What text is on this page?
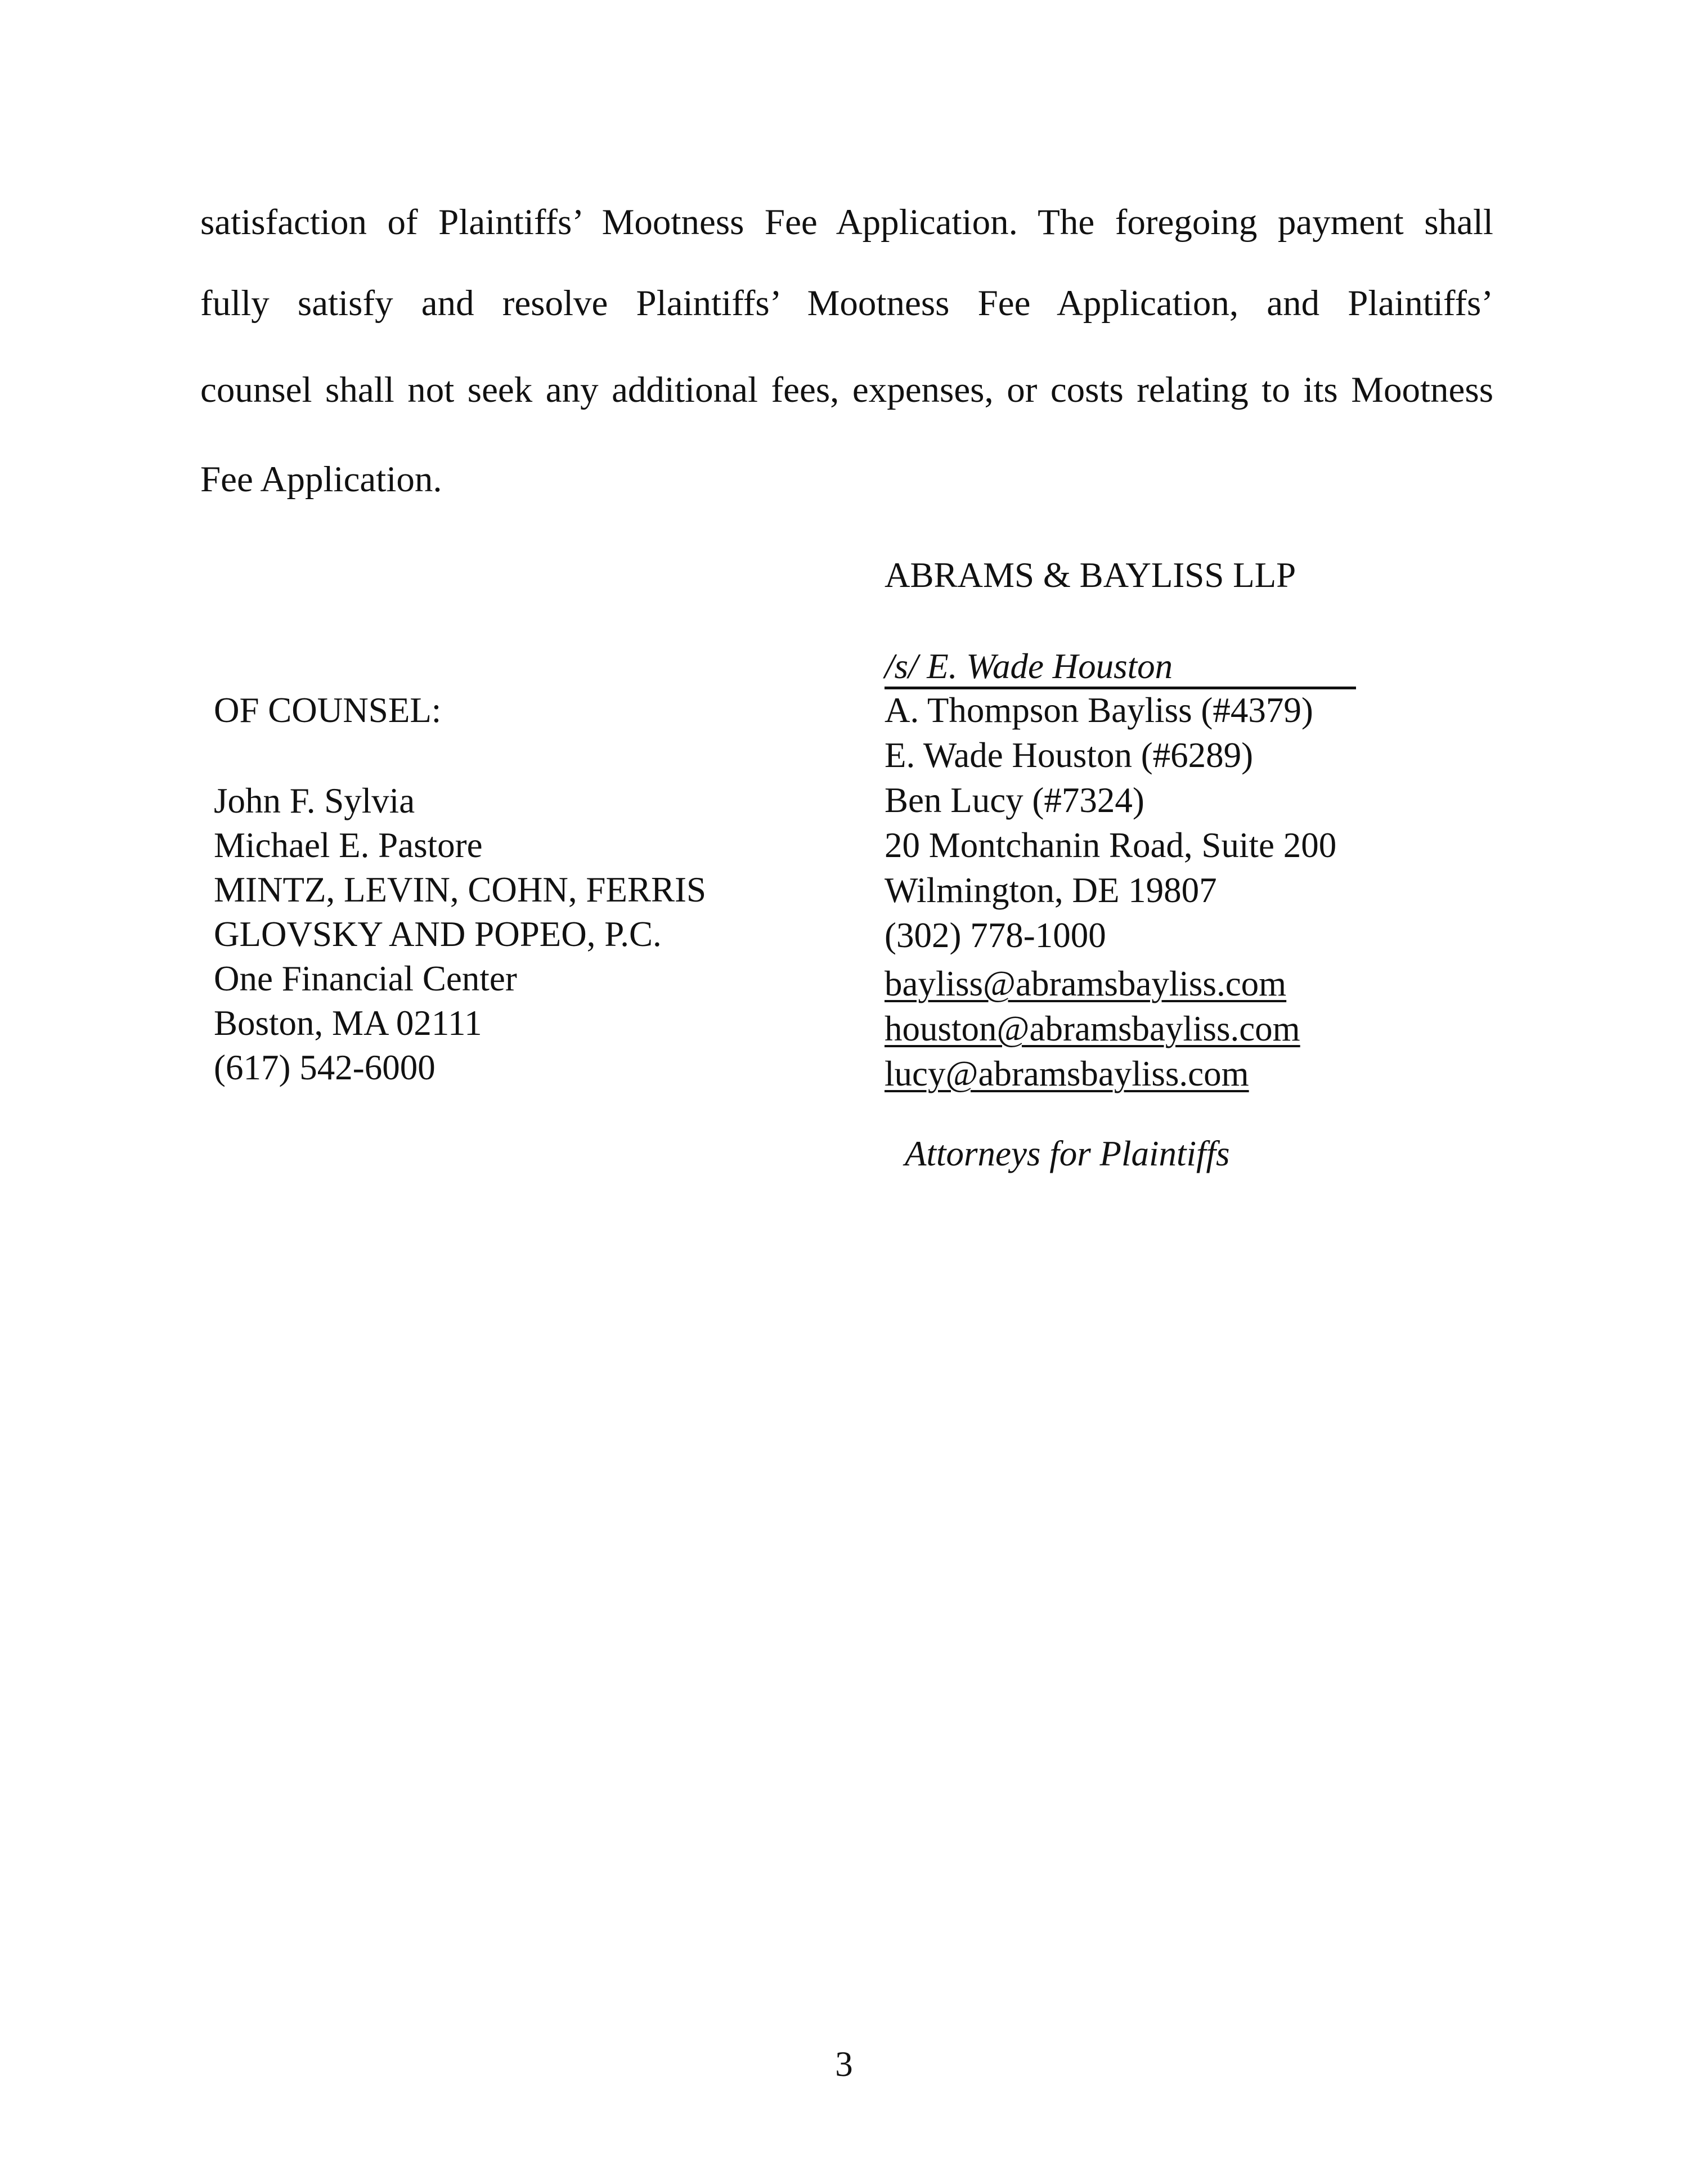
satisfaction of Plaintiffs’ Mootness Fee Application. The foregoing payment shall
fully satisfy and resolve Plaintiffs’ Mootness Fee Application, and Plaintiffs’
counsel shall not seek any additional fees, expenses, or costs relating to its Mootness
Fee Application.
ABRAMS & BAYLISS LLP
/s/ E. Wade Houston
A. Thompson Bayliss (#4379)
E. Wade Houston (#6289)
Ben Lucy (#7324)
20 Montchanin Road, Suite 200
Wilmington, DE 19807
(302) 778-1000
bayliss@abramsbayliss.com
houston@abramsbayliss.com
lucy@abramsbayliss.com
Attorneys for Plaintiffs
OF COUNSEL:
John F. Sylvia
Michael E. Pastore
MINTZ, LEVIN, COHN, FERRIS
GLOVSKY AND POPEO, P.C.
One Financial Center
Boston, MA 02111
(617) 542-6000
3
